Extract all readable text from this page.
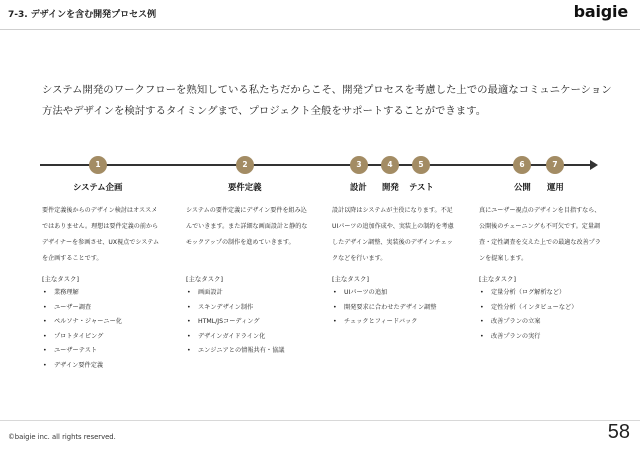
7-3. デザインを含む開発プロセス例	baigie

システム開発のワークフローを熟知している私たちだからこそ、開発プロセスを考慮した上での最適なコミュニケーション方法やデザインを検討するタイミングまで、プロジェクト全般をサポートすることができます。

1	2	3	4	5	6	7
システム企画	要件定義	設計 開発 テスト	公開 運用

要件定義後からのデザイン検討はオススメではありません。理想は要件定義の前からデザイナーを参画させ、UX視点でシステムを企画することです。

システムの要件定義にデザイン要件を組み込んでいきます。また詳細な画面設計と静的なモックアップの制作を進めていきます。

設計以降はシステムが主役になります。不足UIパーツの追加作成や、実装上の制約を考慮したデザイン調整、実装後のデザインチェックなどを行います。

真にユーザー視点のデザインを目指すなら、公開後のチューニングも不可欠です。定量調査・定性調査を交えた上での最適な改善プランを提案します。

[主なタスク]	[主なタスク]	[主なタスク]	[主なタスク]
• 業務理解
• ユーザー調査
• ペルソナ・ジャーニー化
• プロトタイピング
• ユーザーテスト
• デザイン要件定義
• 画面設計
• スキンデザイン制作
• HTML/JSコーディング
• デザインガイドライン化
• エンジニアとの情報共有・協議
• UIパーツの追加
• 開発要求に合わせたデザイン調整
• チェックとフィードバック
• 定量分析（ログ解析など）
• 定性分析（インタビューなど）
• 改善プランの立案
• 改善プランの実行
©baigie inc. all rights reserved.	58
